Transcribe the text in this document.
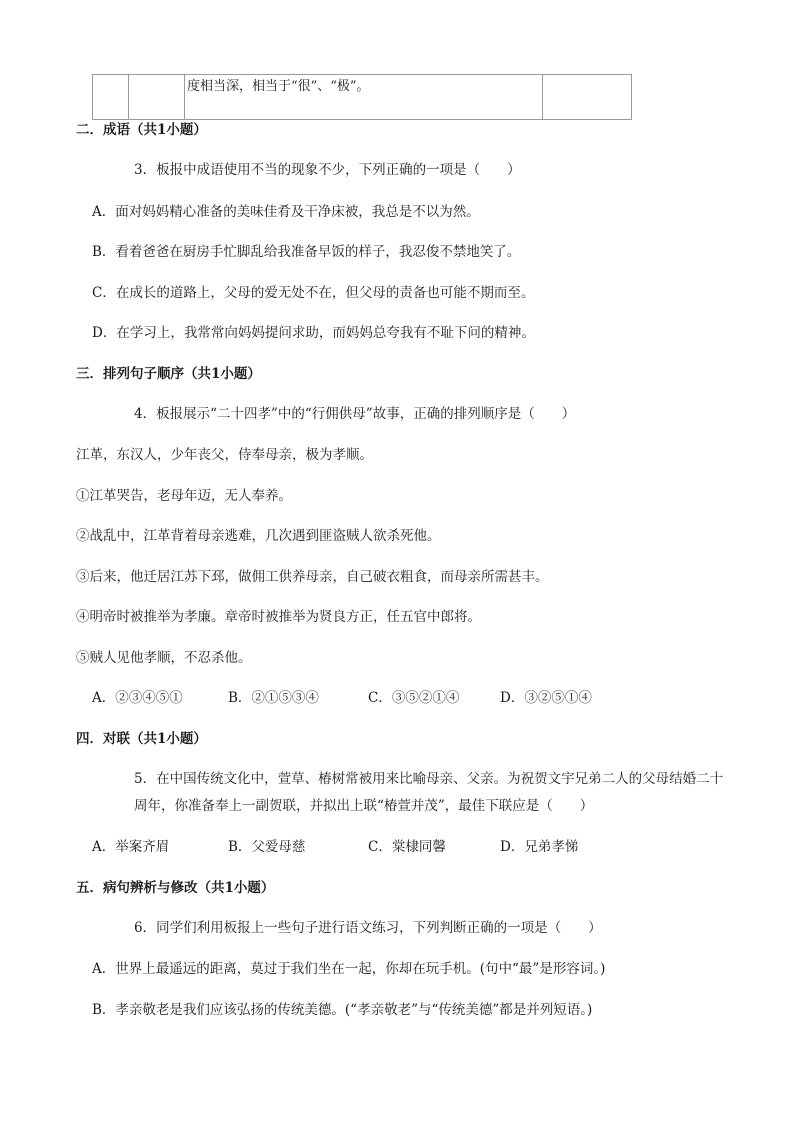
		度相当深，相当于“很”、“极”。	
二．成语（共1小题）
3．板报中成语使用不当的现象不少，下列正确的一项是（　　）
A．面对妈妈精心准备的美味佳肴及干净床被，我总是不以为然。
B．看着爸爸在厨房手忙脚乱给我准备早饭的样子，我忍俊不禁地笑了。
C．在成长的道路上，父母的爱无处不在，但父母的责备也可能不期而至。
D．在学习上，我常常向妈妈提问求助，而妈妈总夸我有不耻下问的精神。
三．排列句子顺序（共1小题）
4．板报展示“二十四孝”中的“行佣供母”故事，正确的排列顺序是（　　）
江革，东汉人，少年丧父，侍奉母亲，极为孝顺。
①江革哭告，老母年迈，无人奉养。
②战乱中，江革背着母亲逃难，几次遇到匪盗贼人欲杀死他。
③后来，他迁居江苏下邳，做佣工供养母亲，自己破衣粗食，而母亲所需甚丰。
④明帝时被推举为孝廉。章帝时被推举为贤良方正，任五官中郎将。
⑤贼人见他孝顺，不忍杀他。
A．②③④⑤①	B．②①⑤③④	C．③⑤②①④	D．③②⑤①④
四．对联（共1小题）
5．在中国传统文化中，萱草、椿树常被用来比喻母亲、父亲。为祝贺文宇兄弟二人的父母结婚二十
周年，你准备奉上一副贺联，并拟出上联“椿萱并茂”，最佳下联应是（　　）
A．举案齐眉	B．父爱母慈	C．棠棣同馨	D．兄弟孝悌
五．病句辨析与修改（共1小题）
6．同学们利用板报上一些句子进行语文练习，下列判断正确的一项是（　　）
A．世界上最遥远的距离，莫过于我们坐在一起，你却在玩手机。(句中“最”是形容词。)
B．孝亲敬老是我们应该弘扬的传统美德。(“孝亲敬老”与“传统美德”都是并列短语。)
